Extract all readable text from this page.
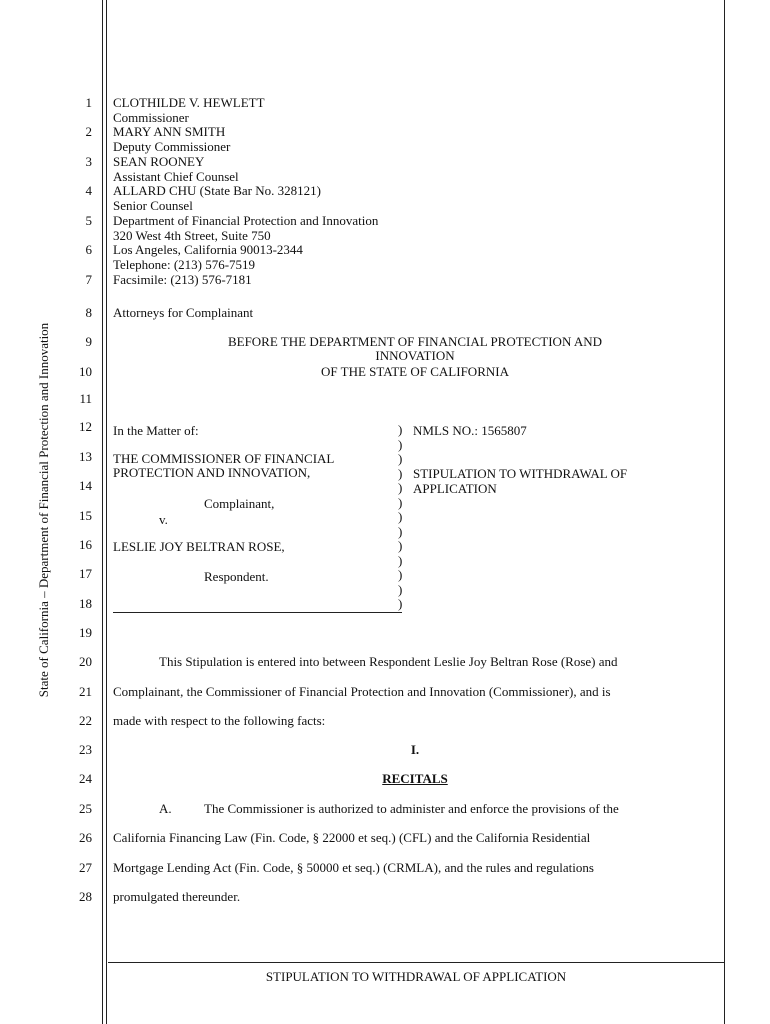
State of California – Department of Financial Protection and Innovation
1
2
3
4
5
6
7
8
9
10
11
12
13
14
15
16
17
18
19
20
21
22
23
24
25
26
27
28
CLOTHILDE V. HEWLETT
Commissioner
MARY ANN SMITH
Deputy Commissioner
SEAN ROONEY
Assistant Chief Counsel
ALLARD CHU (State Bar No. 328121)
Senior Counsel
Department of Financial Protection and Innovation
320 West 4th Street, Suite 750
Los Angeles, California 90013-2344
Telephone: (213) 576-7519
Facsimile: (213) 576-7181
Attorneys for Complainant
BEFORE THE DEPARTMENT OF FINANCIAL PROTECTION AND INNOVATION
OF THE STATE OF CALIFORNIA
In the Matter of:
THE COMMISSIONER OF FINANCIAL
PROTECTION AND INNOVATION,
Complainant,
v.
LESLIE JOY BELTRAN ROSE,
Respondent.
)
)
)
)
)
)
)
)
)
)
)
)
)
NMLS NO.: 1565807
STIPULATION TO WITHDRAWAL OF
APPLICATION
This Stipulation is entered into between Respondent Leslie Joy Beltran Rose (Rose) and
Complainant, the Commissioner of Financial Protection and Innovation (Commissioner), and is
made with respect to the following facts:
I.
RECITALS
A. The Commissioner is authorized to administer and enforce the provisions of the
California Financing Law (Fin. Code, § 22000 et seq.) (CFL) and the California Residential
Mortgage Lending Act (Fin. Code, § 50000 et seq.) (CRMLA), and the rules and regulations
promulgated thereunder.
STIPULATION TO WITHDRAWAL OF APPLICATION
